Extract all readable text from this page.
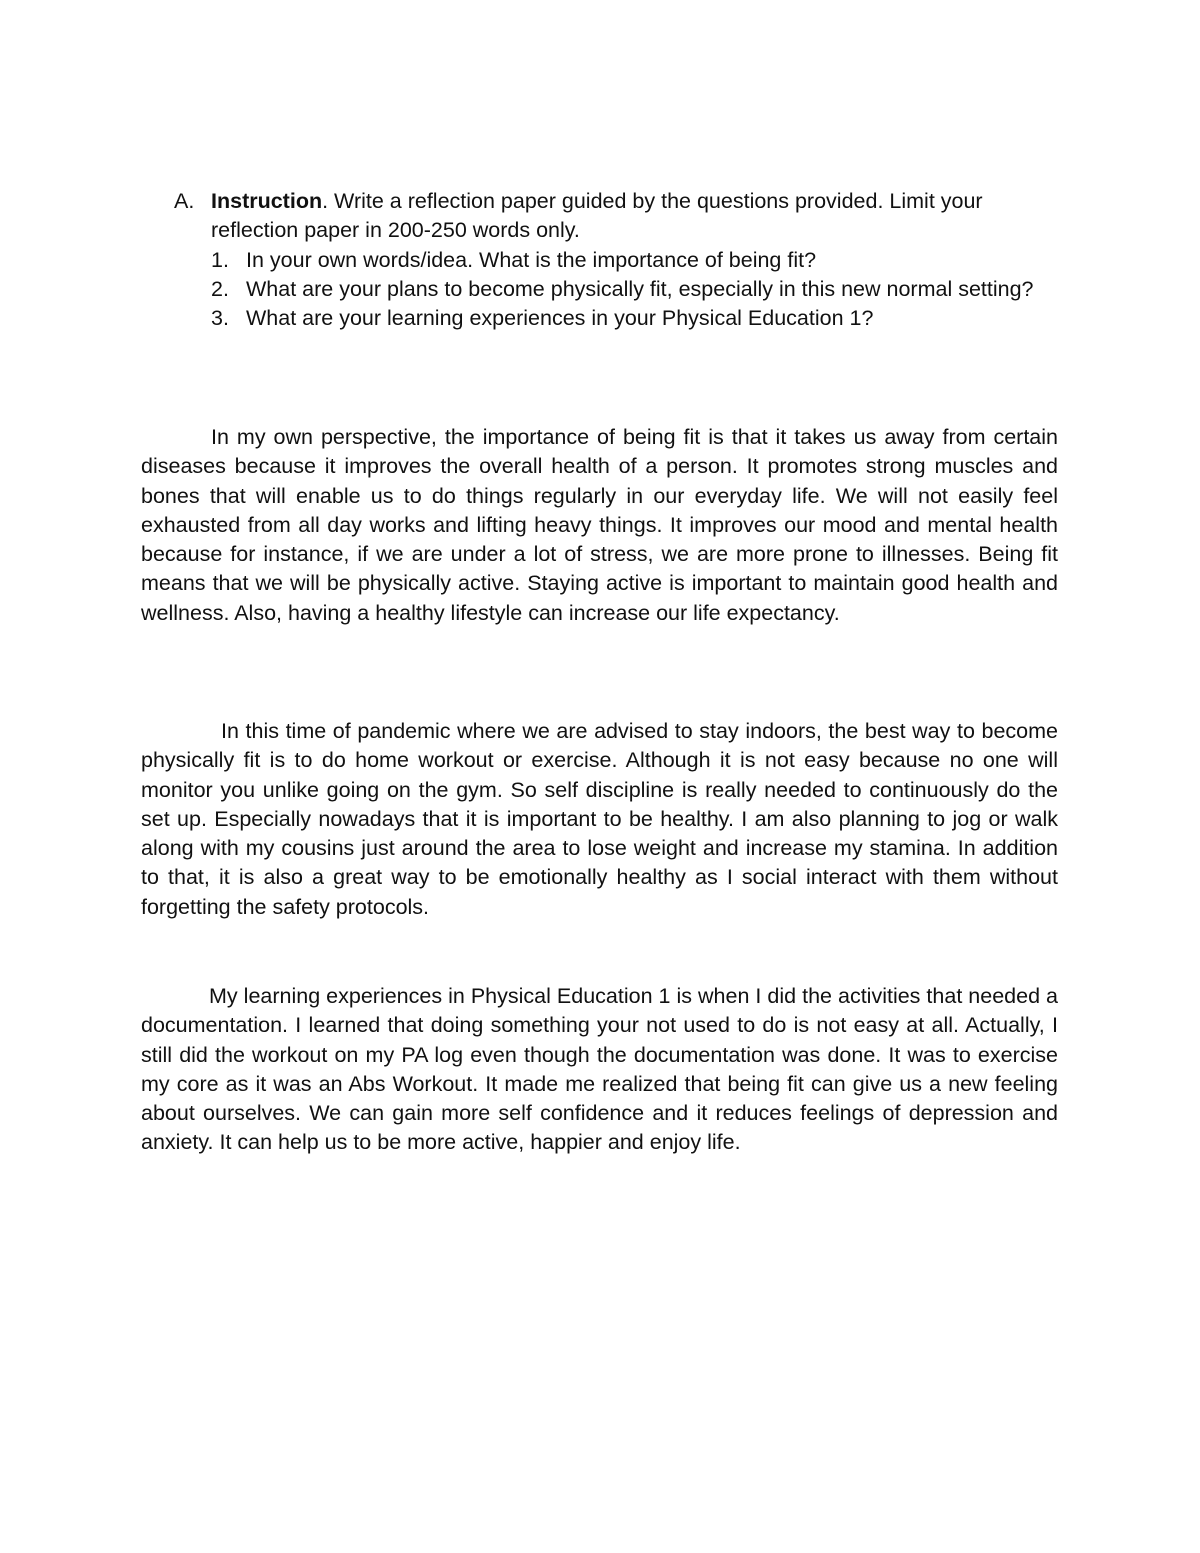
A. Instruction. Write a reflection paper guided by the questions provided. Limit your reflection paper in 200-250 words only.
1. In your own words/idea. What is the importance of being fit?
2. What are your plans to become physically fit, especially in this new normal setting?
3. What are your learning experiences in your Physical Education 1?

In my own perspective, the importance of being fit is that it takes us away from certain diseases because it improves the overall health of a person. It promotes strong muscles and bones that will enable us to do things regularly in our everyday life. We will not easily feel exhausted from all day works and lifting heavy things. It improves our mood and mental health because for instance, if we are under a lot of stress, we are more prone to illnesses. Being fit means that we will be physically active. Staying active is important to maintain good health and wellness. Also, having a healthy lifestyle can increase our life expectancy.

In this time of pandemic where we are advised to stay indoors, the best way to become physically fit is to do home workout or exercise. Although it is not easy because no one will monitor you unlike going on the gym. So self discipline is really needed to continuously do the set up. Especially nowadays that it is important to be healthy. I am also planning to jog or walk along with my cousins just around the area to lose weight and increase my stamina. In addition to that, it is also a great way to be emotionally healthy as I social interact with them without forgetting the safety protocols.

My learning experiences in Physical Education 1 is when I did the activities that needed a documentation. I learned that doing something your not used to do is not easy at all. Actually, I still did the workout on my PA log even though the documentation was done. It was to exercise my core as it was an Abs Workout. It made me realized that being fit can give us a new feeling about ourselves. We can gain more self confidence and it reduces feelings of depression and anxiety. It can help us to be more active, happier and enjoy life.
